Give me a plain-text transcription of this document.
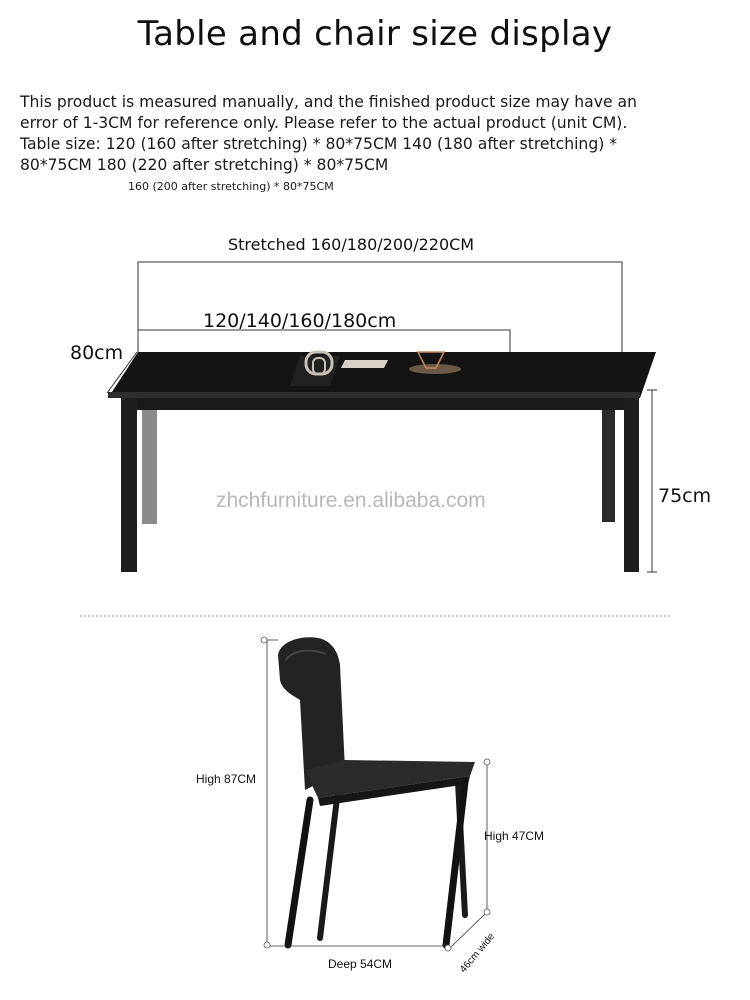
Table and chair size display
This product is measured manually, and the finished product size may have an
error of 1-3CM for reference only. Please refer to the actual product (unit CM).
Table size: 120 (160 after stretching) * 80*75CM 140 (180 after stretching) *
80*75CM 180 (220 after stretching) * 80*75CM
160 (200 after stretching) * 80*75CM
Stretched 160/180/200/220CM
120/140/160/180cm
80cm
75cm
zhchfurniture.en.alibaba.com
High 87CM
High 47CM
Deep 54CM	46cm wide
